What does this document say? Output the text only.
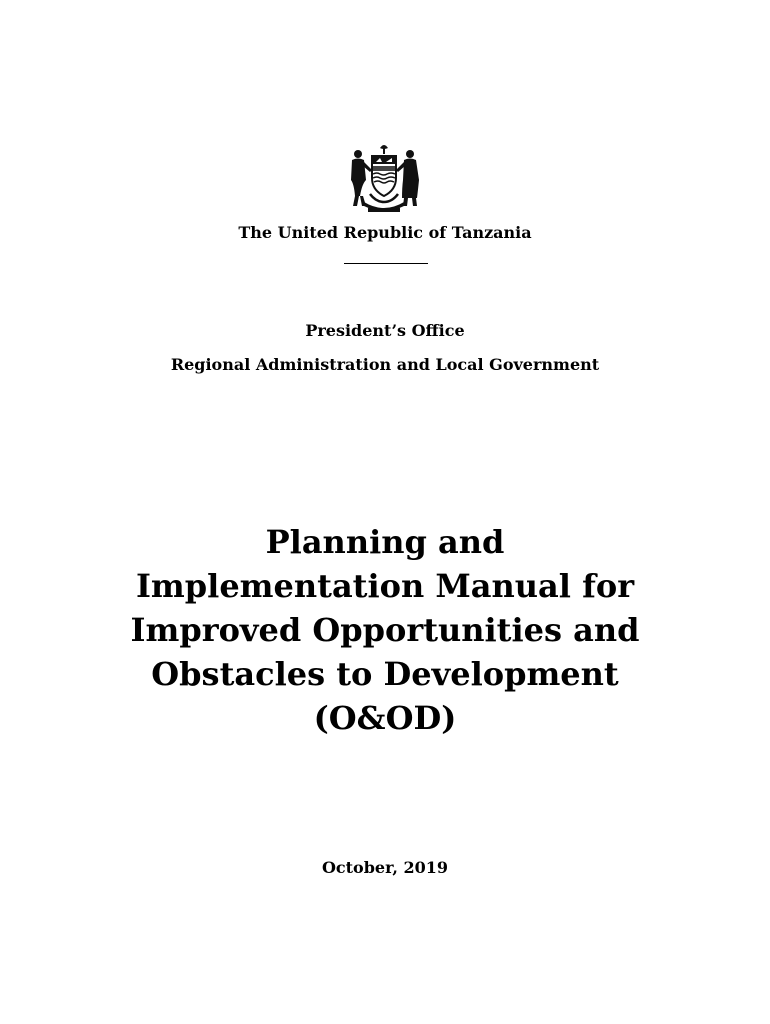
The United Republic of Tanzania
President’s Office
Regional Administration and Local Government
Planning and Implementation Manual for Improved Opportunities and Obstacles to Development (O&OD)
October, 2019
